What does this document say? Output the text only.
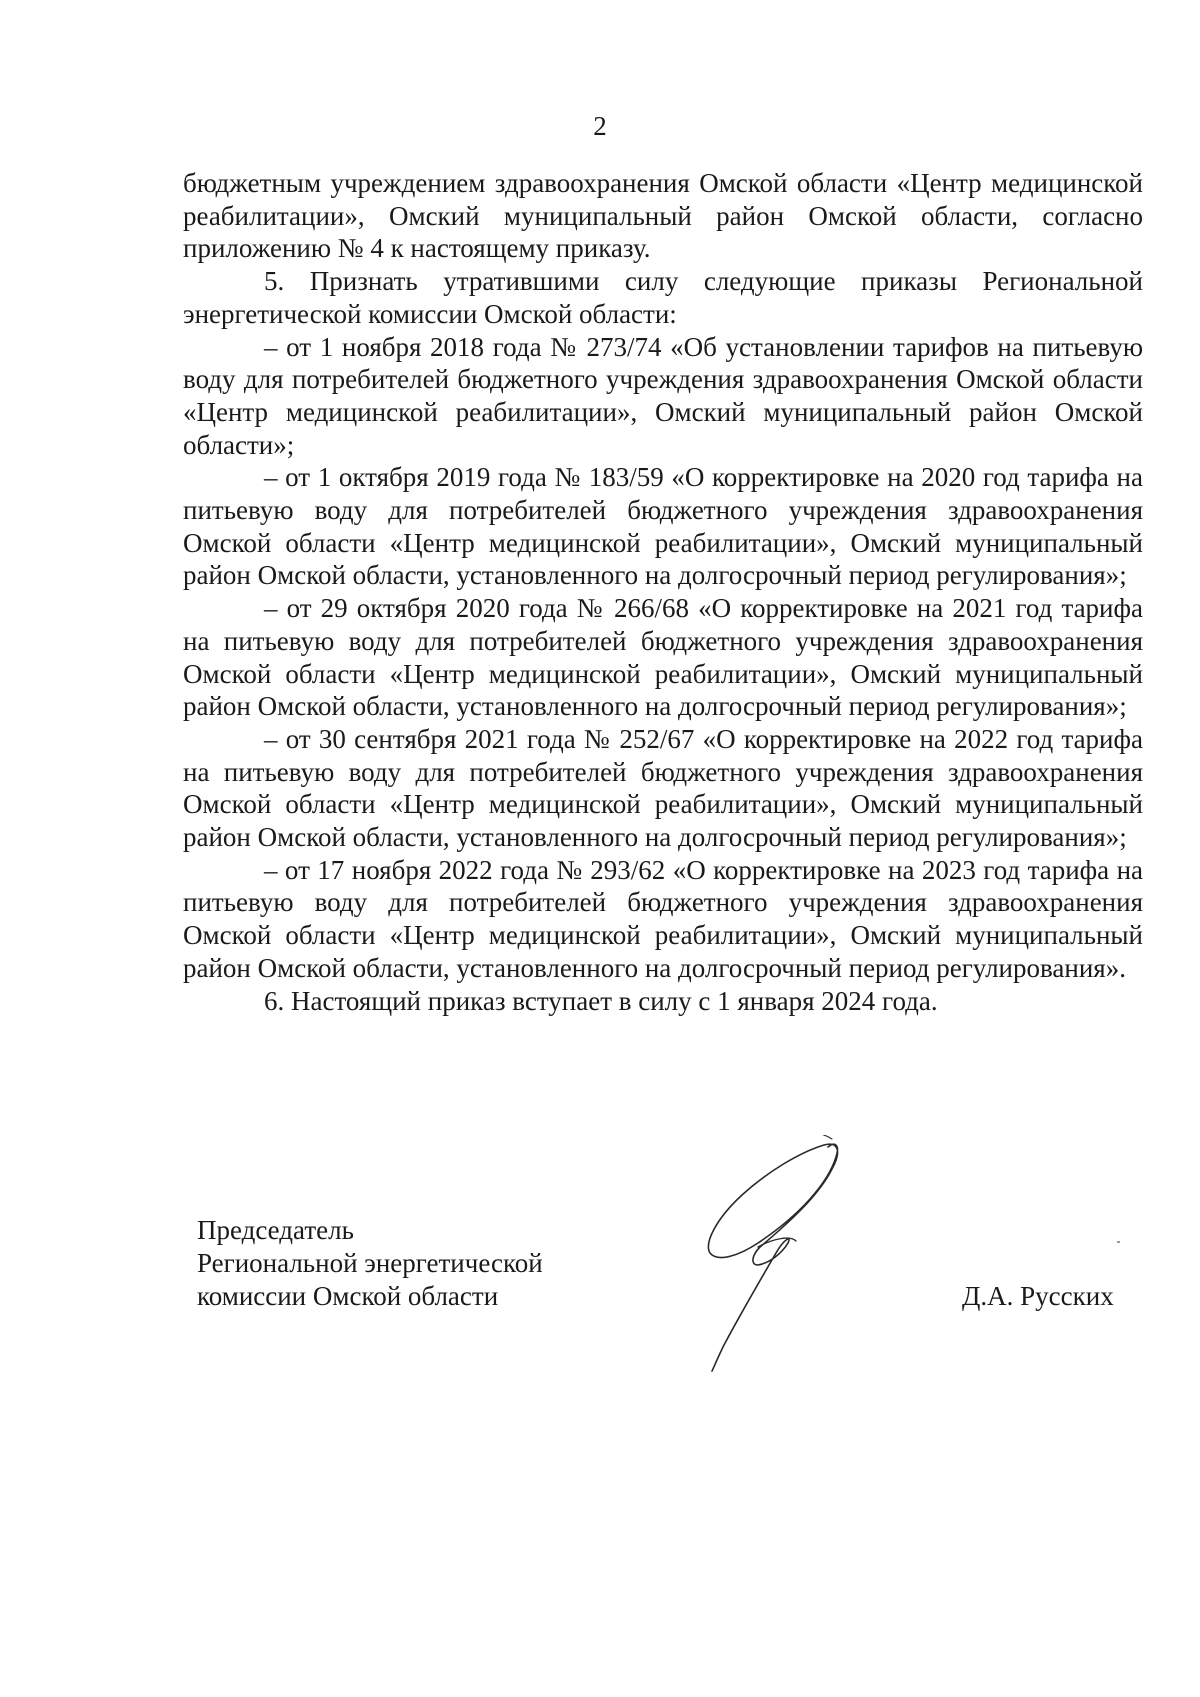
2

бюджетным учреждением здравоохранения Омской области «Центр медицинской реабилитации», Омский муниципальный район Омской области, согласно приложению № 4 к настоящему приказу.

5. Признать утратившими силу следующие приказы Региональной энергетической комиссии Омской области:

– от 1 ноября 2018 года № 273/74 «Об установлении тарифов на питьевую воду для потребителей бюджетного учреждения здравоохранения Омской области «Центр медицинской реабилитации», Омский муниципальный район Омской области»;

– от 1 октября 2019 года № 183/59 «О корректировке на 2020 год тарифа на питьевую воду для потребителей бюджетного учреждения здравоохранения Омской области «Центр медицинской реабилитации», Омский муниципальный район Омской области, установленного на долгосрочный период регулирования»;

– от 29 октября 2020 года № 266/68 «О корректировке на 2021 год тарифа на питьевую воду для потребителей бюджетного учреждения здравоохранения Омской области «Центр медицинской реабилитации», Омский муниципальный район Омской области, установленного на долгосрочный период регулирования»;

– от 30 сентября 2021 года № 252/67 «О корректировке на 2022 год тарифа на питьевую воду для потребителей бюджетного учреждения здравоохранения Омской области «Центр медицинской реабилитации», Омский муниципальный район Омской области, установленного на долгосрочный период регулирования»;

– от 17 ноября 2022 года № 293/62 «О корректировке на 2023 год тарифа на питьевую воду для потребителей бюджетного учреждения здравоохранения Омской области «Центр медицинской реабилитации», Омский муниципальный район Омской области, установленного на долгосрочный период регулирования».

6. Настоящий приказ вступает в силу с 1 января 2024 года.

Председатель
Региональной энергетической
комиссии Омской области	Д.А. Русских
